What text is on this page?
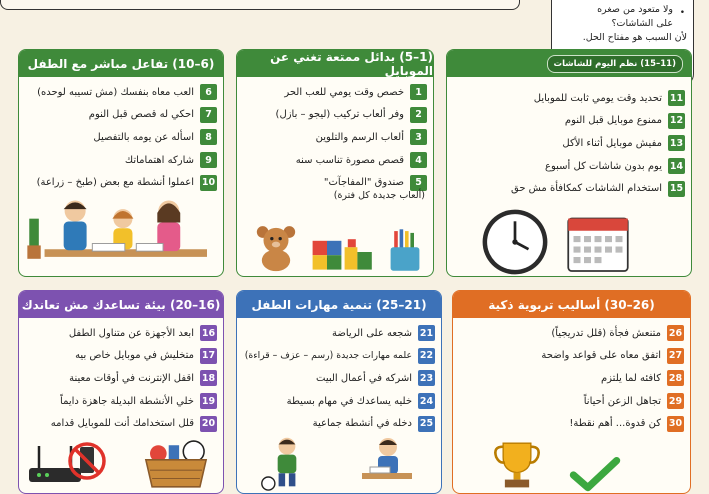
•
ولا متعود من صغره
على الشاشات؟
لأن السبب هو مفتاح الحل.
(11–15) نظم اليوم للشاشات
11
تحديد وقت يومي ثابت للموبايل
12
ممنوع موبايل قبل النوم
13
مفيش موبايل أثناء الأكل
14
يوم بدون شاشات كل أسبوع
15
استخدام الشاشات كمكافأة مش حق
(1–5) بدائل ممتعة تغني عن الموبايل
1
خصص وقت يومي للعب الحر
2
وفر ألعاب تركيب (ليجو – بازل)
3
ألعاب الرسم والتلوين
4
قصص مصورة تناسب سنه
5
صندوق "المفاجآت"
(ألعاب جديدة كل فترة)
(6–10) تفاعل مباشر مع الطفل
6
العب معاه بنفسك (مش تسيبه لوحده)
7
احكي له قصص قبل النوم
8
اسأله عن يومه بالتفصيل
9
شاركه اهتماماتك
10
اعملوا أنشطة مع بعض (طبخ – زراعة)
(26–30) أساليب تربوية ذكية
26
متنعش فجأة (قلل تدريجياً)
27
اتفق معاه على قواعد واضحة
28
كافئه لما يلتزم
29
تجاهل الزعن أحياناً
30
كن قدوة... أهم نقطة!
(21–25) تنمية مهارات الطفل
21
شجعه على الرياضة
22
علمه مهارات جديدة (رسم – عزف – قراءة)
23
اشركه في أعمال البيت
24
خليه يساعدك في مهام بسيطة
25
دخله في أنشطة جماعية
(16–20) بيئة تساعدك مش تعاندك
16
ابعد الأجهزة عن متناول الطفل
17
متخليش في موبايل خاص بيه
18
اقفل الإنترنت في أوقات معينة
19
خلي الأنشطة البديلة جاهزة دايماً
20
قلل استخدامك أنت للموبايل قدامه
